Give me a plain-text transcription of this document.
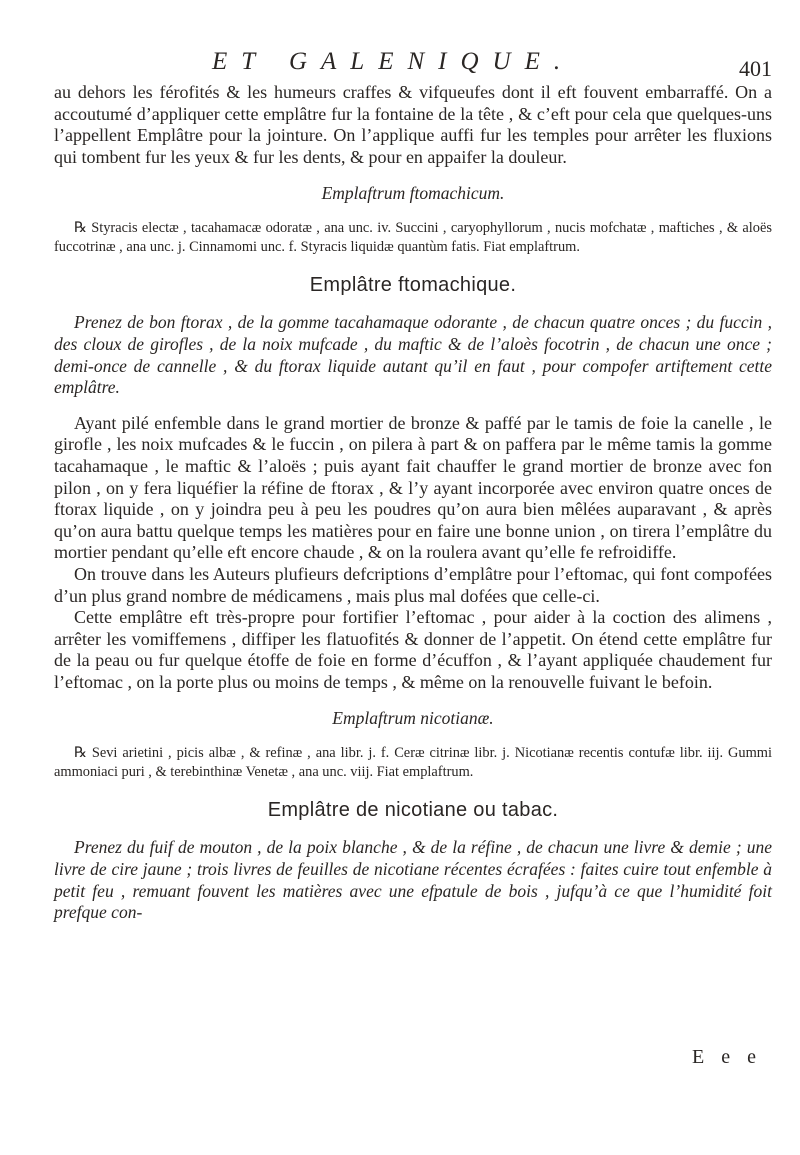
ET GALENIQUE.	401

au dehors les férofités & les humeurs craffes & vifqueufes dont il eft fouvent embarraffé. On a accoutumé d’appliquer cette emplâtre fur la fontaine de la tête , & c’eft pour cela que quelques-uns l’appellent Emplâtre pour la jointure. On l’applique auffi fur les temples pour arrêter les fluxions qui tombent fur les yeux & fur les dents, & pour en appaifer la douleur.

Emplaftrum ftomachicum.

℞ Styracis electæ , tacahamacæ odoratæ , ana unc. iv. Succini , caryophyllorum , nucis mofchatæ , maftiches , & aloës fuccotrinæ , ana unc. j. Cinnamomi unc. f. Styracis liquidæ quantùm fatis. Fiat emplaftrum.

Emplâtre ftomachique.

Prenez de bon ftorax , de la gomme tacahamaque odorante , de chacun quatre onces ; du fuccin , des cloux de girofles , de la noix mufcade , du maftic & de l’aloès focotrin , de chacun une once ; demi-once de cannelle , & du ftorax liquide autant qu’il en faut , pour compofer artiftement cette emplâtre.

Ayant pilé enfemble dans le grand mortier de bronze & paffé par le tamis de foie la canelle , le girofle , les noix mufcades & le fuccin , on pilera à part & on paffera par le même tamis la gomme tacahamaque , le maftic & l’aloës ; puis ayant fait chauffer le grand mortier de bronze avec fon pilon , on y fera liquéfier la réfine de ftorax , & l’y ayant incorporée avec environ quatre onces de ftorax liquide , on y joindra peu à peu les poudres qu’on aura bien mêlées auparavant , & après qu’on aura battu quelque temps les matières pour en faire une bonne union , on tirera l’emplâtre du mortier pendant qu’elle eft encore chaude , & on la roulera avant qu’elle fe refroidiffe.

On trouve dans les Auteurs plufieurs defcriptions d’emplâtre pour l’eftomac, qui font compofées d’un plus grand nombre de médicamens , mais plus mal dofées que celle-ci.

Cette emplâtre eft très-propre pour fortifier l’eftomac , pour aider à la coction des alimens , arrêter les vomiffemens , diffiper les flatuofités & donner de l’appetit. On étend cette emplâtre fur de la peau ou fur quelque étoffe de foie en forme d’écuffon , & l’ayant appliquée chaudement fur l’eftomac , on la porte plus ou moins de temps , & même on la renouvelle fuivant le befoin.

Emplaftrum nicotianæ.

℞ Sevi arietini , picis albæ , & refinæ , ana libr. j. f. Ceræ citrinæ libr. j. Nicotianæ recentis contufæ libr. iij. Gummi ammoniaci puri , & terebinthinæ Venetæ , ana unc. viij. Fiat emplaftrum.

Emplâtre de nicotiane ou tabac.

Prenez du fuif de mouton , de la poix blanche , & de la réfine , de chacun une livre & demie ; une livre de cire jaune ; trois livres de feuilles de nicotiane récentes écrafées : faites cuire tout enfemble à petit feu , remuant fouvent les matières avec une efpatule de bois , jufqu’à ce que l’humidité foit prefque con-

E e e
